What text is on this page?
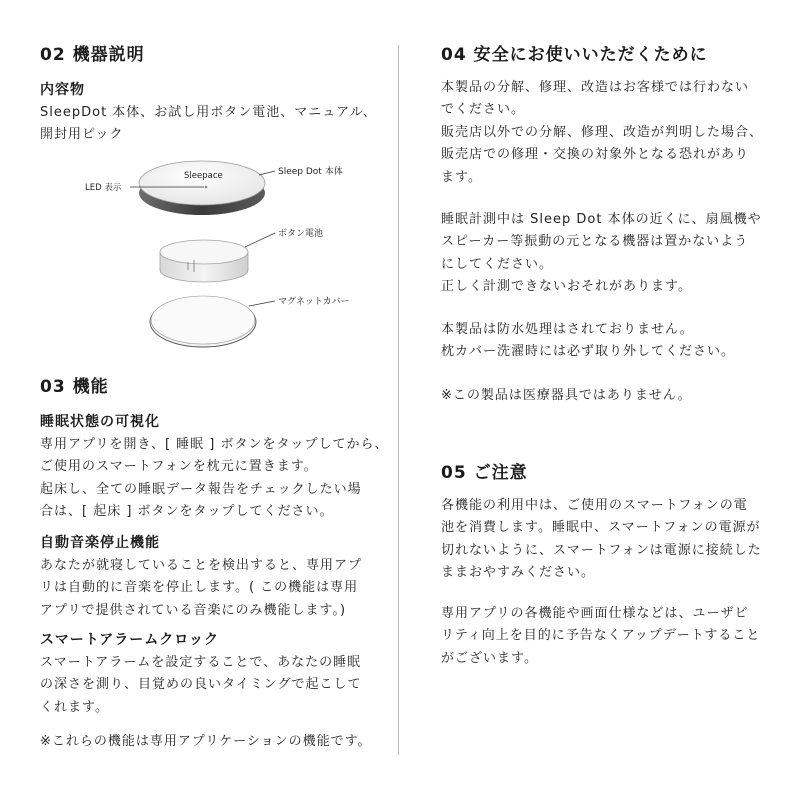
02 機器説明
内容物
SleepDot 本体、お試し用ボタン電池、マニュアル、
開封用ピック
03 機能
睡眠状態の可視化
専用アプリを開き、[ 睡眠 ] ボタンをタップしてから、
ご使用のスマートフォンを枕元に置きます。
起床し、全ての睡眠データ報告をチェックしたい場
合は、[ 起床 ] ボタンをタップしてください。
自動音楽停止機能
あなたが就寝していることを検出すると、専用アプ
リは自動的に音楽を停止します。( この機能は専用
アプリで提供されている音楽にのみ機能します。)
スマートアラームクロック
スマートアラームを設定することで、あなたの睡眠
の深さを測り、目覚めの良いタイミングで起こして
くれます。
※これらの機能は専用アプリケーションの機能です。
Sleepace
LED 表示
Sleep Dot 本体
ボタン電池
マグネットカバー
04 安全にお使いいただくために
本製品の分解、修理、改造はお客様では行わない
でください。
販売店以外での分解、修理、改造が判明した場合、
販売店での修理・交換の対象外となる恐れがあり
ます。
睡眠計測中は Sleep Dot 本体の近くに、扇風機や
スピーカー等振動の元となる機器は置かないよう
にしてください。
正しく計測できないおそれがあります。
本製品は防水処理はされておりません。
枕カバー洗濯時には必ず取り外してください。
※この製品は医療器具ではありません。
05 ご注意
各機能の利用中は、ご使用のスマートフォンの電
池を消費します。睡眠中、スマートフォンの電源が
切れないように、スマートフォンは電源に接続した
ままおやすみください。
専用アプリの各機能や画面仕様などは、ユーザビ
リティ向上を目的に予告なくアップデートすること
がございます。
